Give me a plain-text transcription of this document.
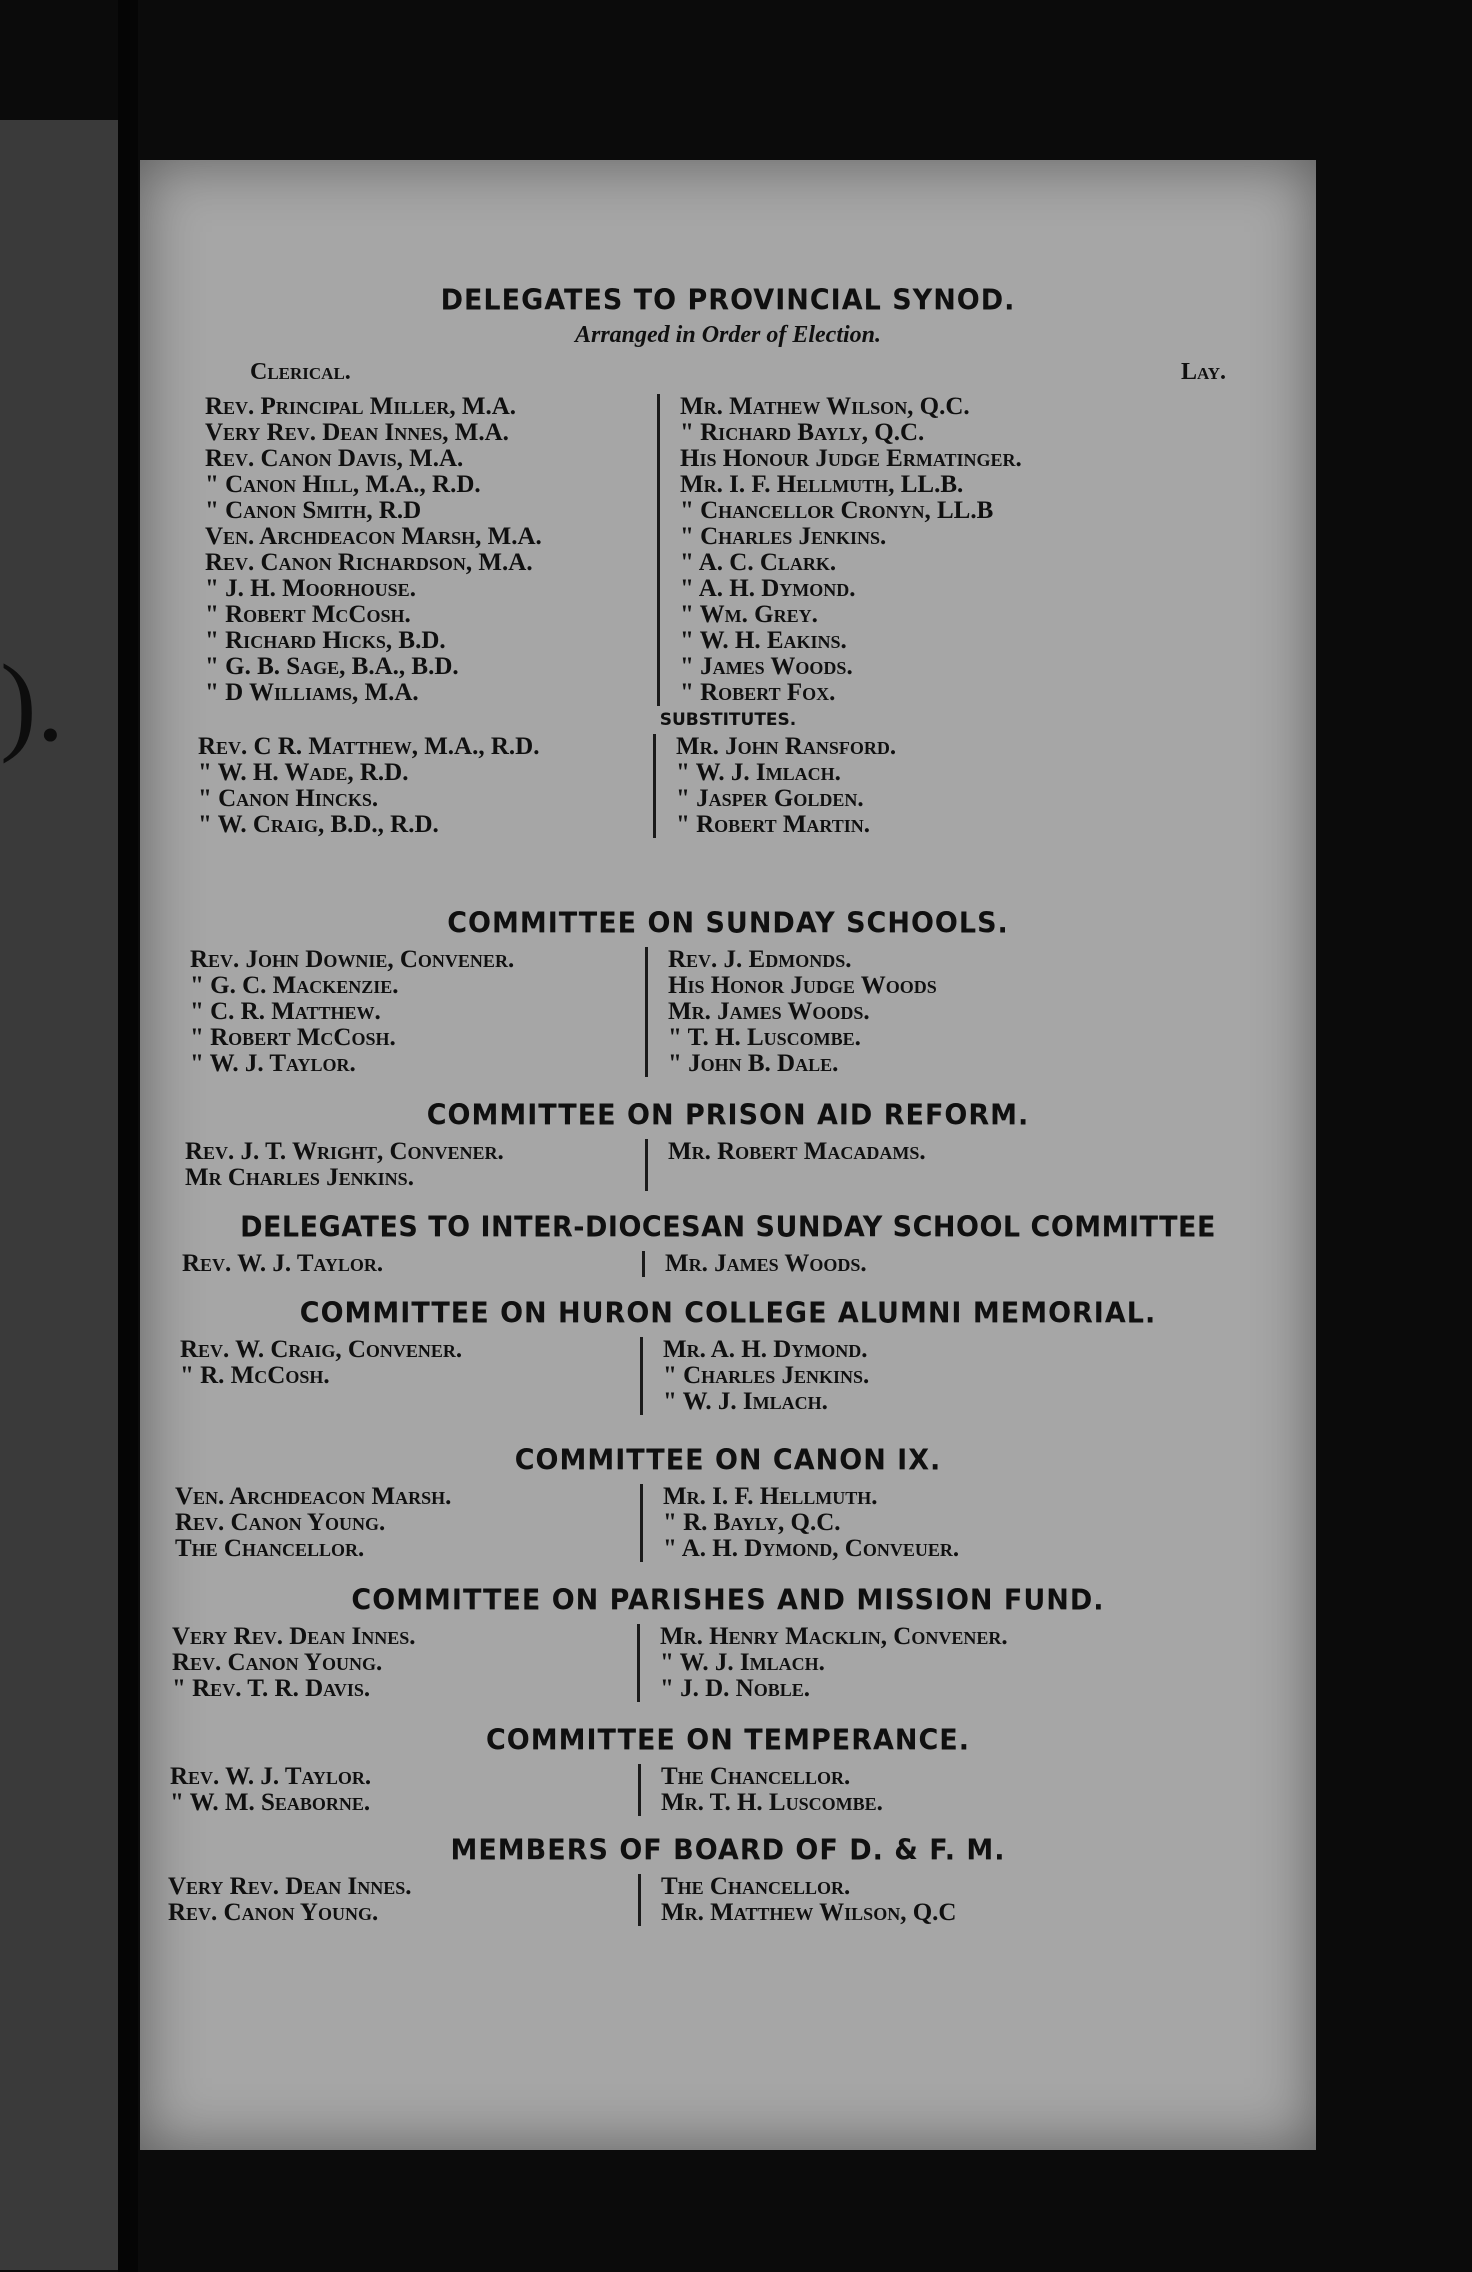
).
DELEGATES TO PROVINCIAL SYNOD.
Arranged in Order of Election.
Clerical.	Lay.
Rev. Principal Miller, M.A.
Very Rev. Dean Innes, M.A.
Rev. Canon Davis, M.A.
" Canon Hill, M.A., R.D.
" Canon Smith, R.D
Ven. Archdeacon Marsh, M.A.
Rev. Canon Richardson, M.A.
" J. H. Moorhouse.
" Robert McCosh.
" Richard Hicks, B.D.
" G. B. Sage, B.A., B.D.
" D Williams, M.A.
Mr. Mathew Wilson, Q.C.
" Richard Bayly, Q.C.
His Honour Judge Ermatinger.
Mr. I. F. Hellmuth, LL.B.
" Chancellor Cronyn, LL.B
" Charles Jenkins.
" A. C. Clark.
" A. H. Dymond.
" Wm. Grey.
" W. H. Eakins.
" James Woods.
" Robert Fox.
SUBSTITUTES.
Rev. C R. Matthew, M.A., R.D.
" W. H. Wade, R.D.
" Canon Hincks.
" W. Craig, B.D., R.D.
Mr. John Ransford.
" W. J. Imlach.
" Jasper Golden.
" Robert Martin.
COMMITTEE ON SUNDAY SCHOOLS.
Rev. John Downie, Convener.
" G. C. Mackenzie.
" C. R. Matthew.
" Robert McCosh.
" W. J. Taylor.
Rev. J. Edmonds.
His Honor Judge Woods
Mr. James Woods.
" T. H. Luscombe.
" John B. Dale.
COMMITTEE ON PRISON AID REFORM.
Rev. J. T. Wright, Convener.
Mr Charles Jenkins.
Mr. Robert Macadams.
DELEGATES TO INTER-DIOCESAN SUNDAY SCHOOL COMMITTEE
Rev. W. J. Taylor.	Mr. James Woods.
COMMITTEE ON HURON COLLEGE ALUMNI MEMORIAL.
Rev. W. Craig, Convener.
" R. McCosh.
Mr. A. H. Dymond.
" Charles Jenkins.
" W. J. Imlach.
COMMITTEE ON CANON IX.
Ven. Archdeacon Marsh.
Rev. Canon Young.
The Chancellor.
Mr. I. F. Hellmuth.
" R. Bayly, Q.C.
" A. H. Dymond, Conveuer.
COMMITTEE ON PARISHES AND MISSION FUND.
Very Rev. Dean Innes.
Rev. Canon Young.
" Rev. T. R. Davis.
Mr. Henry Macklin, Convener.
" W. J. Imlach.
" J. D. Noble.
COMMITTEE ON TEMPERANCE.
Rev. W. J. Taylor.
" W. M. Seaborne.
The Chancellor.
Mr. T. H. Luscombe.
MEMBERS OF BOARD OF D. & F. M.
Very Rev. Dean Innes.
Rev. Canon Young.
The Chancellor.
Mr. Matthew Wilson, Q.C
